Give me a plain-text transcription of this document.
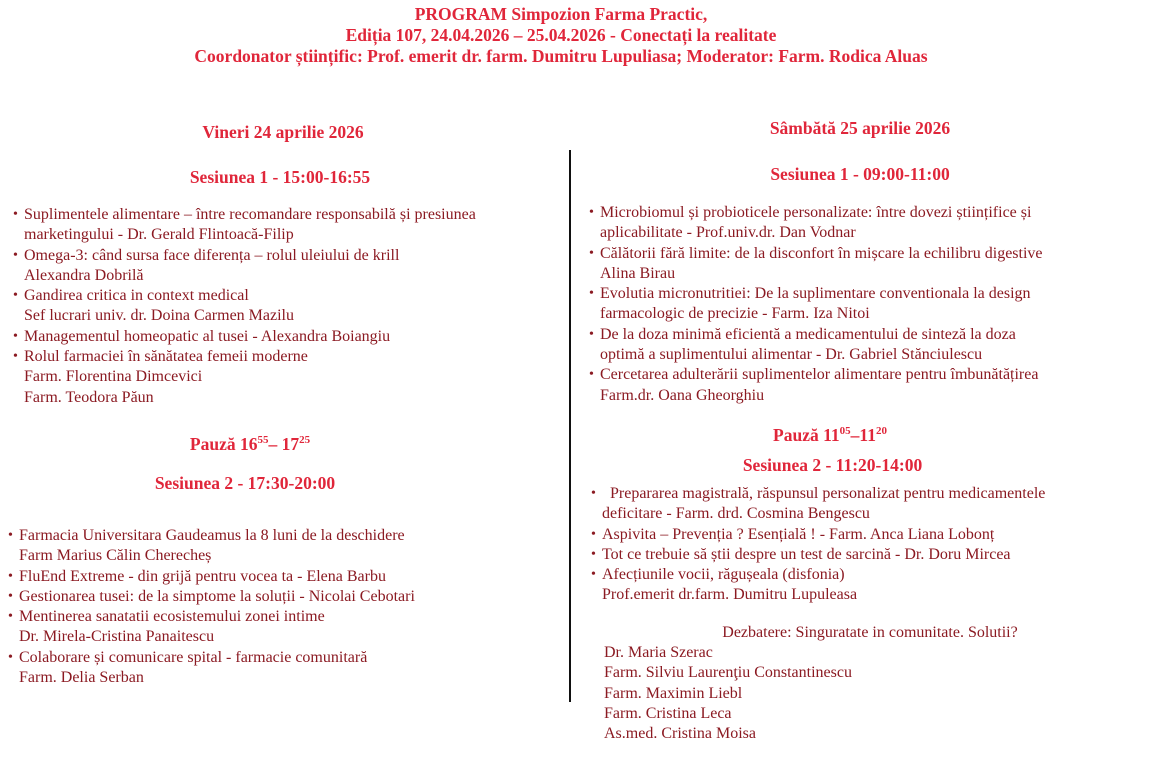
PROGRAM Simpozion Farma Practic,
Ediția 107, 24.04.2026 – 25.04.2026 - Conectați la realitate
Coordonator științific: Prof. emerit dr. farm. Dumitru Lupuliasa; Moderator: Farm. Rodica Aluas
Vineri 24 aprilie 2026
Sesiunea 1 - 15:00-16:55
• Suplimentele alimentare – între recomandare responsabilă și presiunea
marketingului - Dr. Gerald Flintoacă-Filip
• Omega-3: când sursa face diferența – rolul uleiului de krill
Alexandra Dobrilă
• Gandirea critica in context medical
Sef lucrari univ. dr. Doina Carmen Mazilu
• Managementul homeopatic al tusei - Alexandra Boiangiu
• Rolul farmaciei în sănătatea femeii moderne
Farm. Florentina Dimcevici
Farm. Teodora Păun
Pauză $16^{55}-$ $17^{25}$
Sesiunea 2 - 17:30-20:00
• Farmacia Universitara Gaudeamus la 8 luni de la deschidere
Farm Marius Călin Cherecheș
• FluEnd Extreme - din grijă pentru vocea ta - Elena Barbu
• Gestionarea tusei: de la simptome la soluții - Nicolai Cebotari
• Mentinerea sanatatii ecosistemului zonei intime
Dr. Mirela-Cristina Panaitescu
• Colaborare și comunicare spital - farmacie comunitară
Farm. Delia Serban
Sâmbătă 25 aprilie 2026
Sesiunea 1 - 09:00-11:00
• Microbiomul și probioticele personalizate: între dovezi științifice și
aplicabilitate - Prof.univ.dr. Dan Vodnar
• Călătorii fără limite: de la disconfort în mișcare la echilibru digestive
Alina Birau
• Evolutia micronutritiei: De la suplimentare conventionala la design
farmacologic de precizie - Farm. Iza Nitoi
• De la doza minimă eficientă a medicamentului de sinteză la doza
optimă a suplimentului alimentar - Dr. Gabriel Stănciulescu
• Cercetarea adulterării suplimentelor alimentare pentru îmbunătățirea
Farm.dr. Oana Gheorghiu
Pauză $11^{05}-11^{20}$
Sesiunea 2 - 11:20-14:00
•   Prepararea magistrală, răspunsul personalizat pentru medicamentele
deficitare - Farm. drd. Cosmina Bengescu
• Aspivita – Prevenția ? Esențială ! - Farm. Anca Liana Lobonț
• Tot ce trebuie să știi despre un test de sarcină - Dr. Doru Mircea
• Afecțiunile vocii, răgușeala (disfonia)
Prof.emerit dr.farm. Dumitru Lupuleasa
Dezbatere: Singuratate in comunitate. Solutii?
Dr. Maria Szerac
Farm. Silviu Laurenţiu Constantinescu
Farm. Maximin Liebl
Farm. Cristina Leca
As.med. Cristina Moisa
